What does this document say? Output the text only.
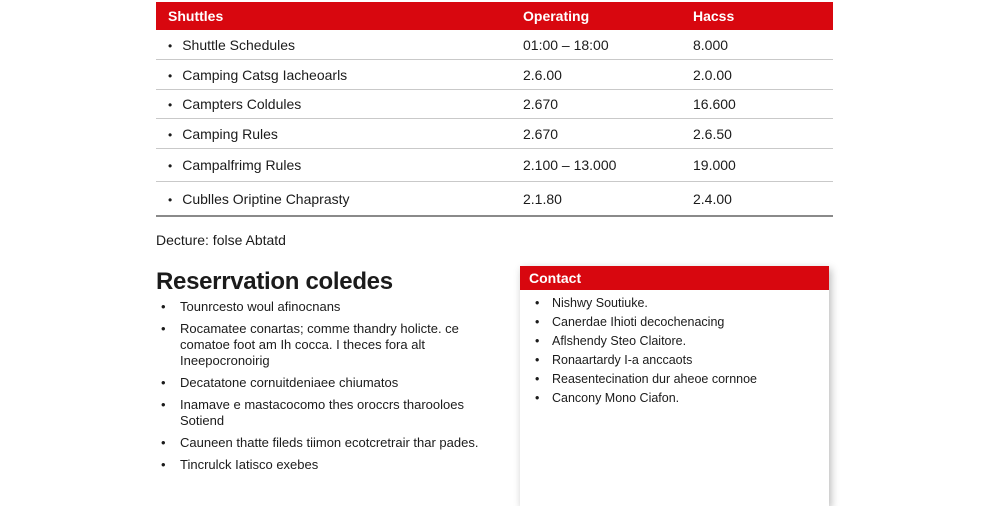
Shuttles	Operating	Hacss
• Shuttle Schedules	01:00 – 18:00	8.000
• Camping Catsg Iacheoarls	2.6.00	2.0.00
• Campters Coldules	2.670	16.600
• Camping Rules	2.670	2.6.50
• Campalfrimg Rules	2.100 – 13.000	19.000
• Cublles Oriptine Chaprasty	2.1.80	2.4.00
Decture: folse Abtatd
Reserrvation coledes
• Tounrcesto woul afinocnans
• Rocamatee conartas; comme thandry holicte. ce comatoe foot am Ih cocca. I theces fora alt Ineepocronoirig
• Decatatone cornuitdeniaee chiumatos
• Inamave e mastacocomo thes oroccrs tharooloes Sotiend
• Cauneen thatte fileds tiimon ecotcretrair thar pades.
• Tincrulck Iatisco exebes
Contact
• Nishwy Soutiuke.
• Canerdae Ihioti decochenacing
• Aflshendy Steo Claitore.
• Ronaartardy I-a anccaots
• Reasentecination dur aheoe cornnoe
• Cancony Mono Ciafon.
